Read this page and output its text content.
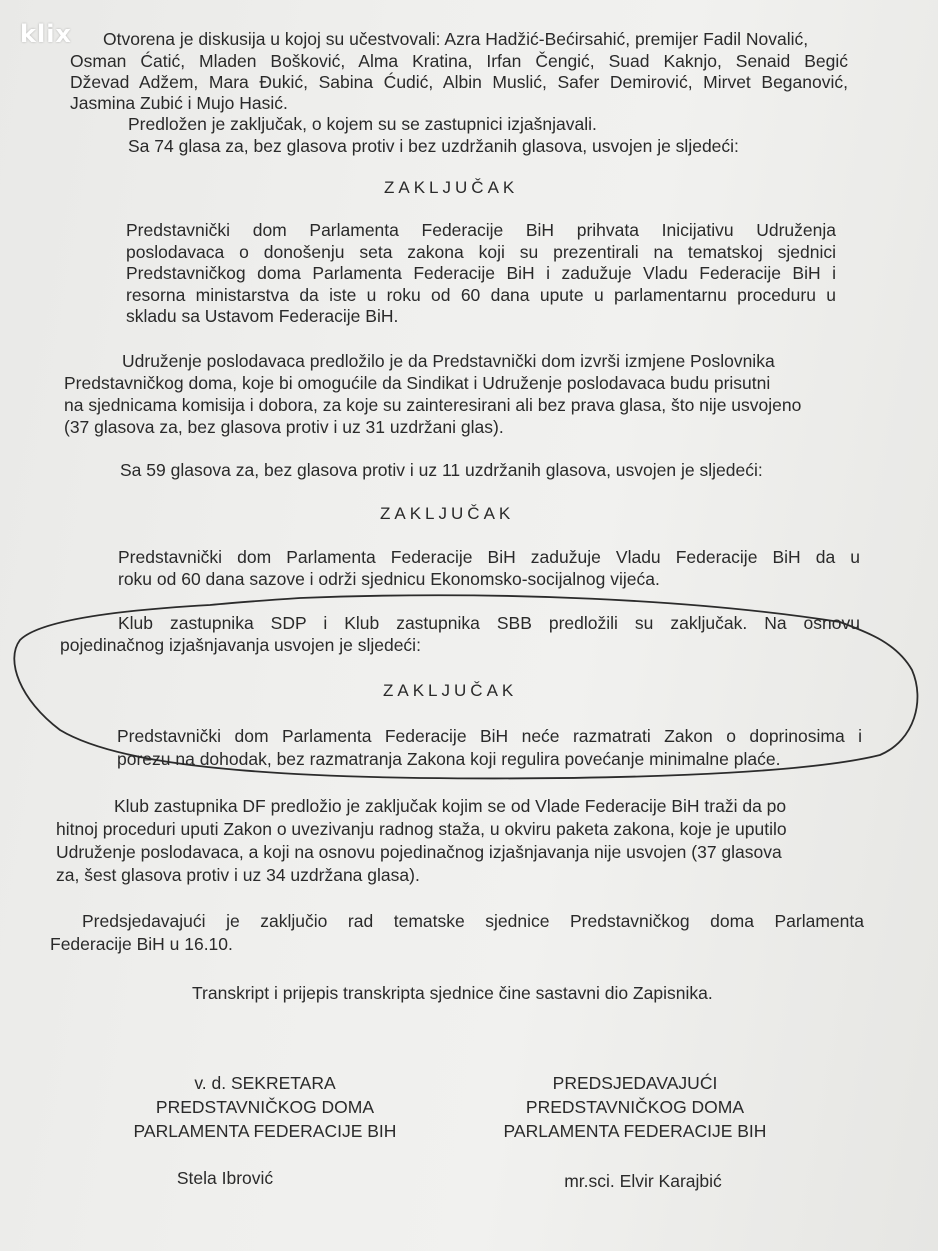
klix Otvorena je diskusija u kojoj su učestvovali: Azra Hadžić-Bećirsahić, premijer Fadil Novalić,
Osman Ćatić, Mladen Bošković, Alma Kratina, Irfan Čengić, Suad Kaknjo, Senaid Begić
Dževad Adžem, Mara Đukić, Sabina Ćudić, Albin Muslić, Safer Demirović, Mirvet Beganović,
Jasmina Zubić i Mujo Hasić.
Predložen je zaključak, o kojem su se zastupnici izjašnjavali.
Sa 74 glasa za, bez glasova protiv i bez uzdržanih glasova, usvojen je sljedeći:
ZAKLJUČAK
Predstavnički dom Parlamenta Federacije BiH prihvata Inicijativu Udruženja
poslodavaca o donošenju seta zakona koji su prezentirali na tematskoj sjednici
Predstavničkog doma Parlamenta Federacije BiH i zadužuje Vladu Federacije BiH i
resorna ministarstva da iste u roku od 60 dana upute u parlamentarnu proceduru u
skladu sa Ustavom Federacije BiH.
Udruženje poslodavaca predložilo je da Predstavnički dom izvrši izmjene Poslovnika
Predstavničkog doma, koje bi omogućile da Sindikat i Udruženje poslodavaca budu prisutni
na sjednicama komisija i dobora, za koje su zainteresirani ali bez prava glasa, što nije usvojeno
(37 glasova za, bez glasova protiv i uz 31 uzdržani glas).
Sa 59 glasova za, bez glasova protiv i uz 11 uzdržanih glasova, usvojen je sljedeći:
ZAKLJUČAK
Predstavnički dom Parlamenta Federacije BiH zadužuje Vladu Federacije BiH da u
roku od 60 dana sazove i održi sjednicu Ekonomsko-socijalnog vijeća.
Klub zastupnika SDP i Klub zastupnika SBB predložili su zaključak. Na osnovu
pojedinačnog izjašnjavanja usvojen je sljedeći:
ZAKLJUČAK
Predstavnički dom Parlamenta Federacije BiH neće razmatrati Zakon o doprinosima i
porezu na dohodak, bez razmatranja Zakona koji regulira povećanje minimalne plaće.
Klub zastupnika DF predložio je zaključak kojim se od Vlade Federacije BiH traži da po
hitnoj proceduri uputi Zakon o uvezivanju radnog staža, u okviru paketa zakona, koje je uputilo
Udruženje poslodavaca, a koji na osnovu pojedinačnog izjašnjavanja nije usvojen (37 glasova
za, šest glasova protiv i uz 34 uzdržana glasa).
Predsjedavajući je zaključio rad tematske sjednice Predstavničkog doma Parlamenta
Federacije BiH u 16.10.
Transkript i prijepis transkripta sjednice čine sastavni dio Zapisnika.
v. d. SEKRETARA
PREDSTAVNIČKOG DOMA
PARLAMENTA FEDERACIJE BIH
Stela Ibrović
PREDSJEDAVAJUĆI
PREDSTAVNIČKOG DOMA
PARLAMENTA FEDERACIJE BIH
mr.sci. Elvir Karajbić
